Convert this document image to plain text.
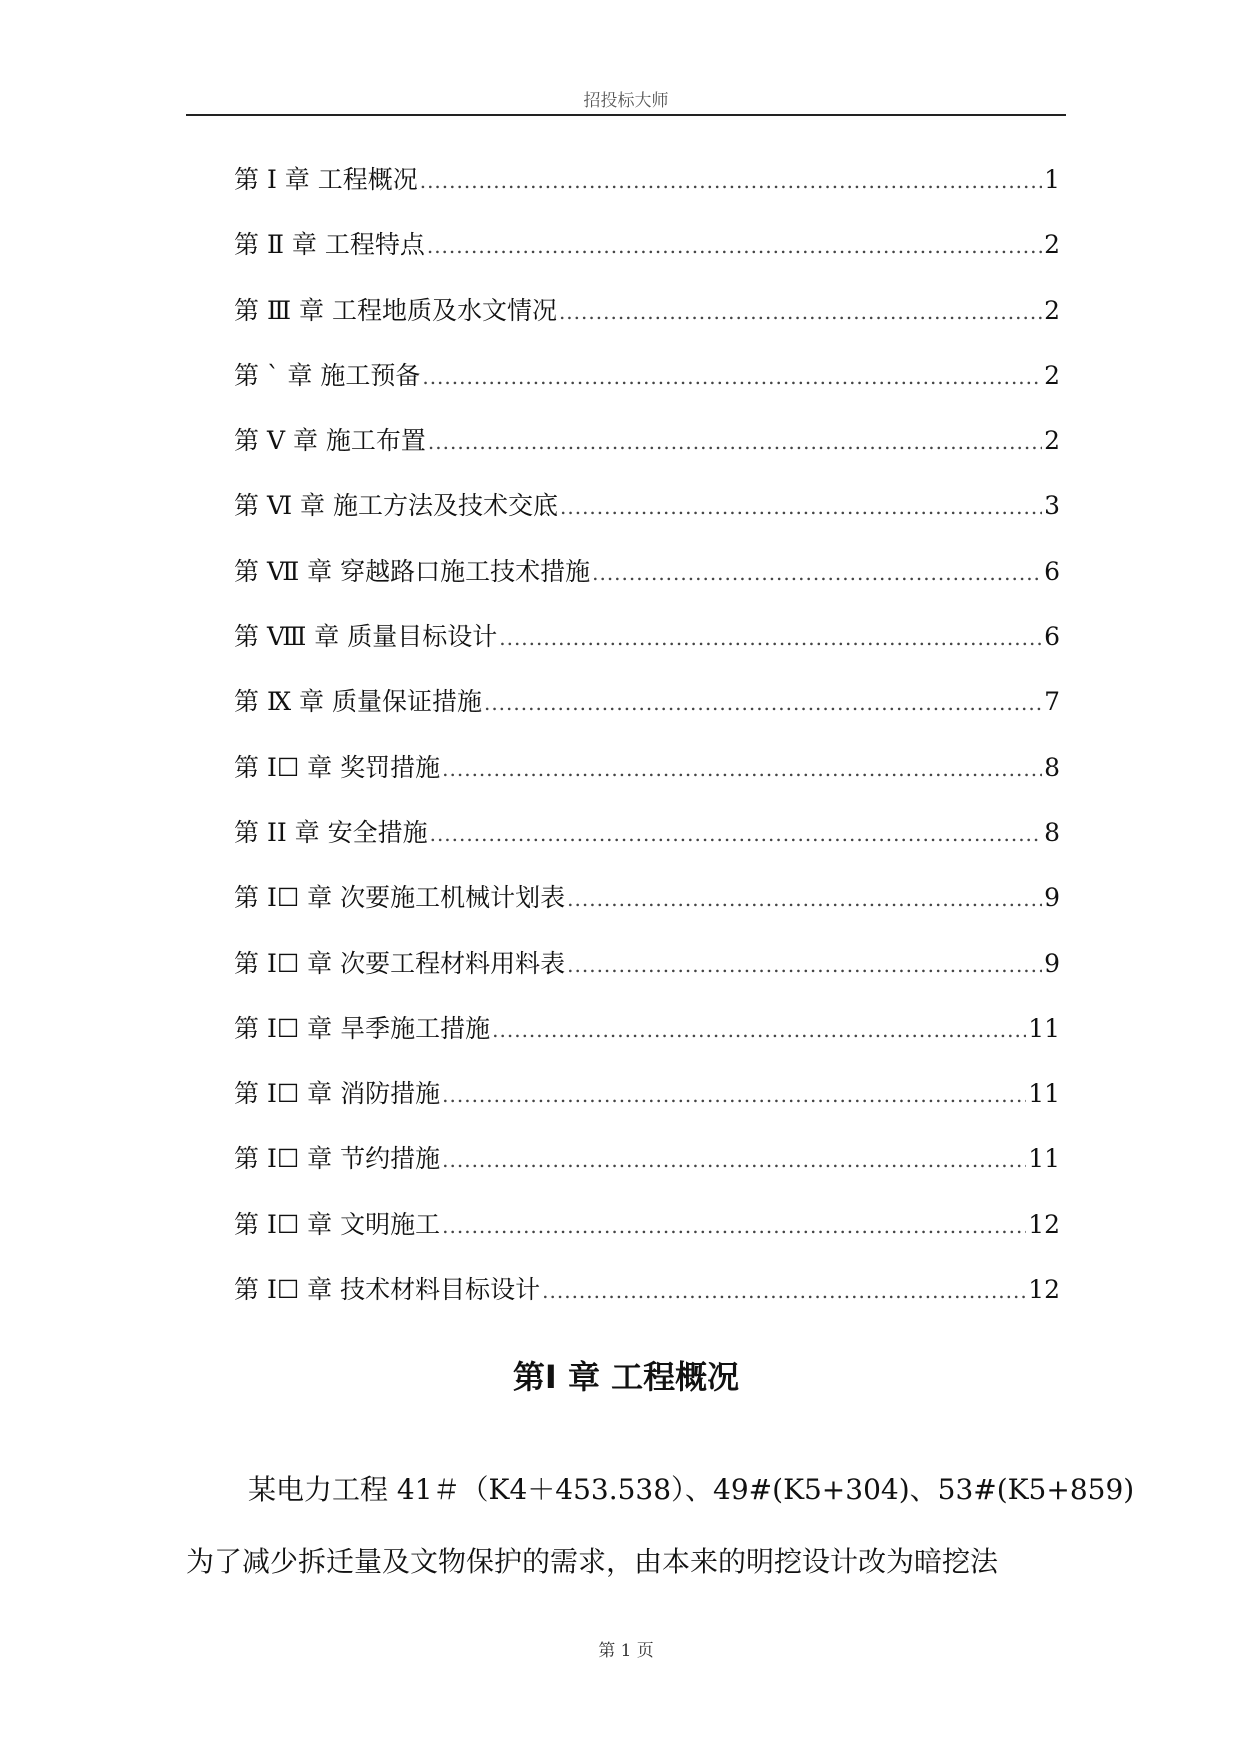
招投标大师
第 I 章 工程概况 .....	1
第 Ⅱ 章 工程特点 .....	2
第 Ⅲ 章 工程地质及水文情况 .....	2
第 ` 章 施工预备 .....	2
第 Ⅴ 章 施工布置 .....	2
第 Ⅵ 章 施工方法及技术交底 .....	3
第 Ⅶ 章 穿越路口施工技术措施 .....	6
第 Ⅷ 章 质量目标设计 .....	6
第 Ⅸ 章 质量保证措施 .....	7
第 I☐ 章 奖罚措施 .....	8
第 II 章 安全措施 .....	8
第 I☐ 章 次要施工机械计划表 .....	9
第 I☐ 章 次要工程材料用料表 .....	9
第 I☐ 章 旱季施工措施 .....	11
第 I☐ 章 消防措施 .....	11
第 I☐ 章 节约措施 .....	11
第 I☐ 章 文明施工 .....	12
第 I☐ 章 技术材料目标设计 .....	12
第I 章 工程概况

某电力工程 41＃（K4＋453.538）、49#(K5+304)、53#(K5+859)

为了减少拆迁量及文物保护的需求，由本来的明挖设计改为暗挖法

第 1 页
